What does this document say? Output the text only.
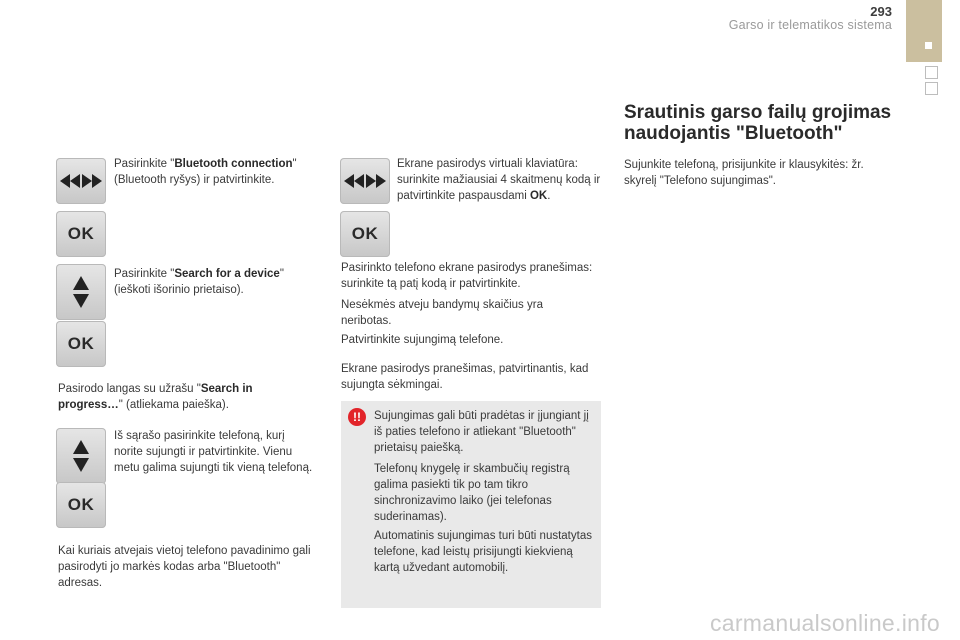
293
Garso ir telematikos sistema
Pasirinkite "Bluetooth connection"
(Bluetooth ryšys) ir patvirtinkite.
OK
Pasirinkite "Search for a device"
(ieškoti išorinio prietaiso).
OK
Pasirodo langas su užrašu "Search in
progress…" (atliekama paieška).
Iš sąrašo pasirinkite telefoną, kurį norite sujungti ir patvirtinkite. Vienu metu galima sujungti tik vieną telefoną.
OK
Kai kuriais atvejais vietoj telefono pavadinimo gali pasirodyti jo markės kodas arba "Bluetooth" adresas.
Ekrane pasirodys virtuali klaviatūra: surinkite mažiausiai 4 skaitmenų kodą ir patvirtinkite paspausdami OK.
OK
Pasirinkto telefono ekrane pasirodys pranešimas: surinkite tą patį kodą ir patvirtinkite.
Nesėkmės atveju bandymų skaičius yra neribotas.
Patvirtinkite sujungimą telefone.
Ekrane pasirodys pranešimas, patvirtinantis, kad sujungta sėkmingai.
!!	Sujungimas gali būti pradėtas ir įjungiant jį iš paties telefono ir atliekant "Bluetooth" prietaisų paiešką.
Telefonų knygelę ir skambučių registrą galima pasiekti tik po tam tikro sinchronizavimo laiko (jei telefonas suderinamas).
Automatinis sujungimas turi būti nustatytas telefone, kad leistų prisijungti kiekvieną kartą užvedant automobilį.
Srautinis garso failų grojimas naudojantis "Bluetooth"
Sujunkite telefoną, prisijunkite ir klausykitės: žr. skyrelį "Telefono sujungimas".
carmanualsonline.info
